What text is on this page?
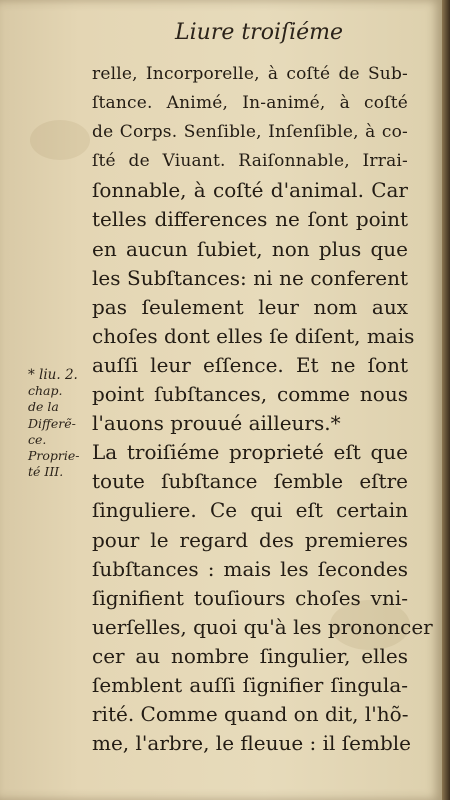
Liure troiſiéme
relle, Incorporelle, à coſté de Sub-
ſtance. Animé, In-animé, à coſté
de Corps. Senſible, Inſenſible, à co-
ſté de Viuant. Raiſonnable, Irrai-
ſonnable, à coſté d'animal. Car
telles differences ne ſont point
en aucun ſubiet, non plus que
les Subſtances: ni ne conferent
pas ſeulement leur nom aux
choſes dont elles ſe diſent, mais
auſſi leur eſſence. Et ne ſont
point ſubſtances, comme nous
l'auons prouué ailleurs.*
La troiſiéme proprieté eſt que
toute ſubſtance ſemble eſtre
ſinguliere. Ce qui eſt certain
pour le regard des premieres
ſubſtances : mais les ſecondes
ſignifient touſiours choſes vni-
uerſelles, quoi qu'à les prononcer
cer au nombre ſingulier, elles
ſemblent auſſi ſignifier ſingula-
rité. Comme quand on dit, l'hõ-
me, l'arbre, le fleuue : il ſemble
* liu. 2.
chap.
de la
Differẽ-
ce.
Proprie-
té III.
